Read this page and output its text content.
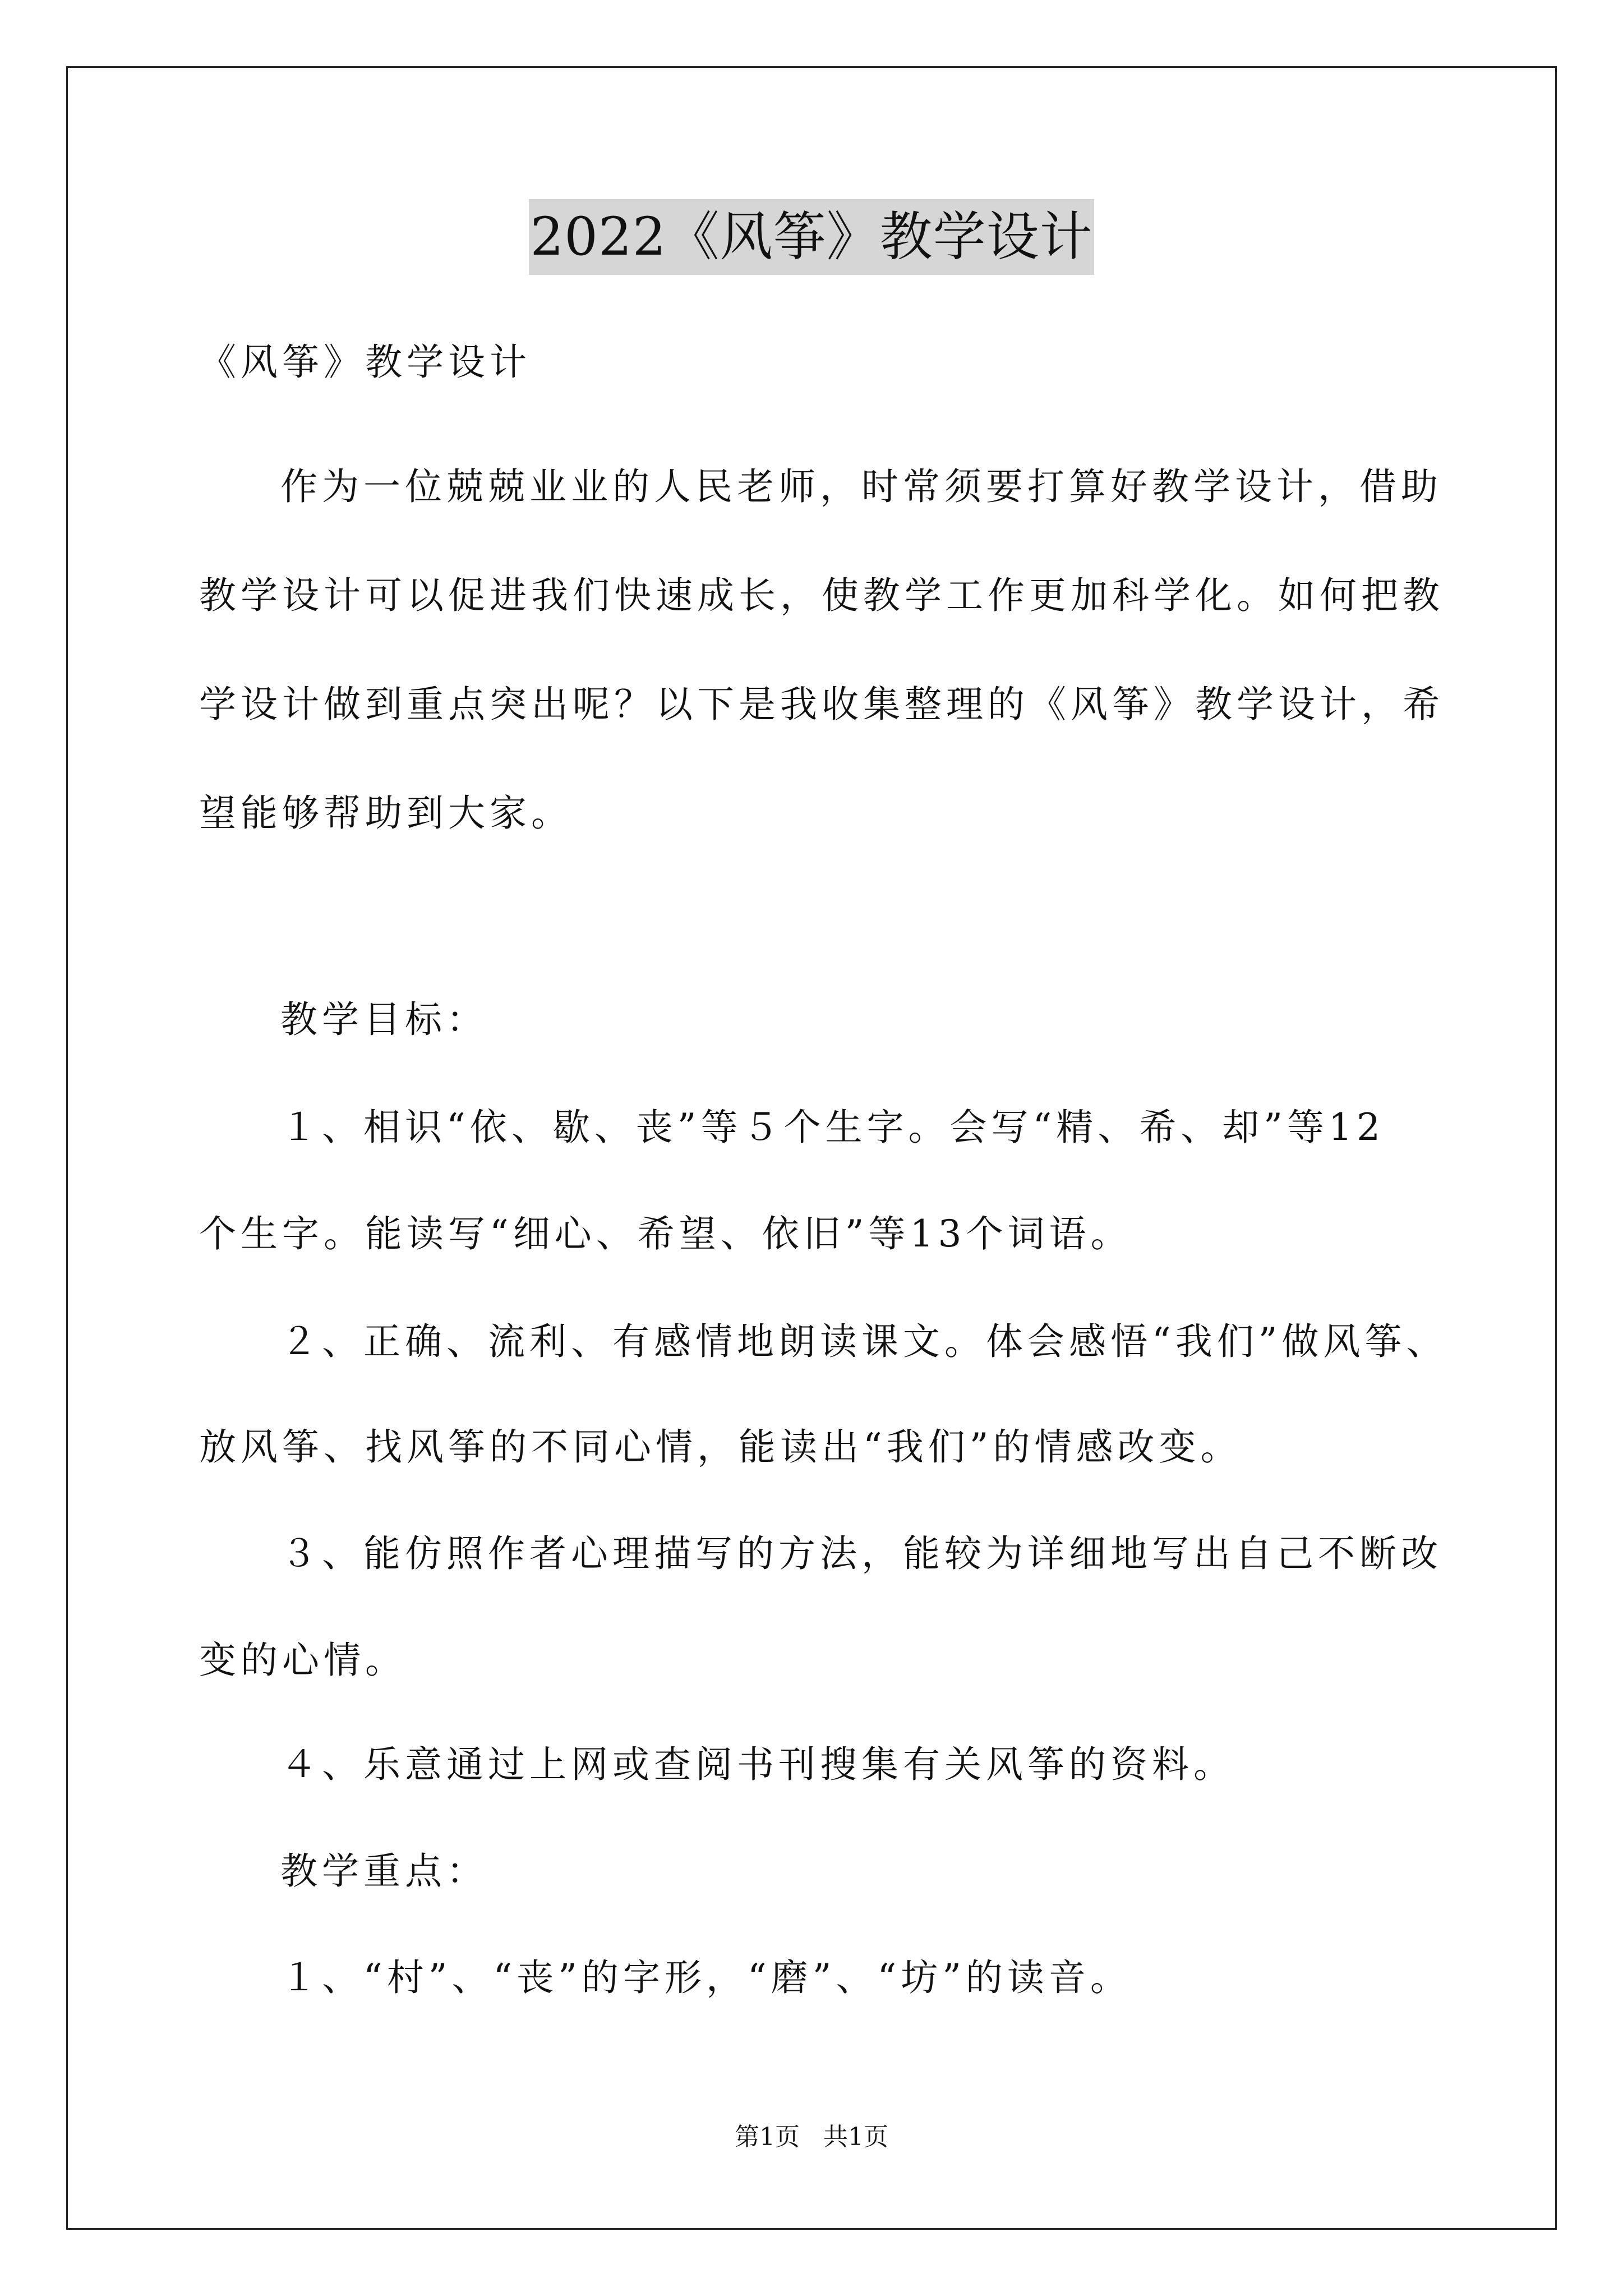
2022《风筝》教学设计
《风筝》教学设计
作为一位兢兢业业的人民老师，时常须要打算好教学设计，借助
教学设计可以促进我们快速成长，使教学工作更加科学化。如何把教
学设计做到重点突出呢？以下是我收集整理的《风筝》教学设计，希
望能够帮助到大家。
教学目标：
１、相识“依、歇、丧”等５个生字。会写“精、希、却”等12
个生字。能读写“细心、希望、依旧”等13个词语。
２、正确、流利、有感情地朗读课文。体会感悟“我们”做风筝、
放风筝、找风筝的不同心情，能读出“我们”的情感改变。
３、能仿照作者心理描写的方法，能较为详细地写出自己不断改
变的心情。
４、乐意通过上网或查阅书刊搜集有关风筝的资料。
教学重点：
１、“村”、“丧”的字形，“磨”、“坊”的读音。
第1页 共1页
